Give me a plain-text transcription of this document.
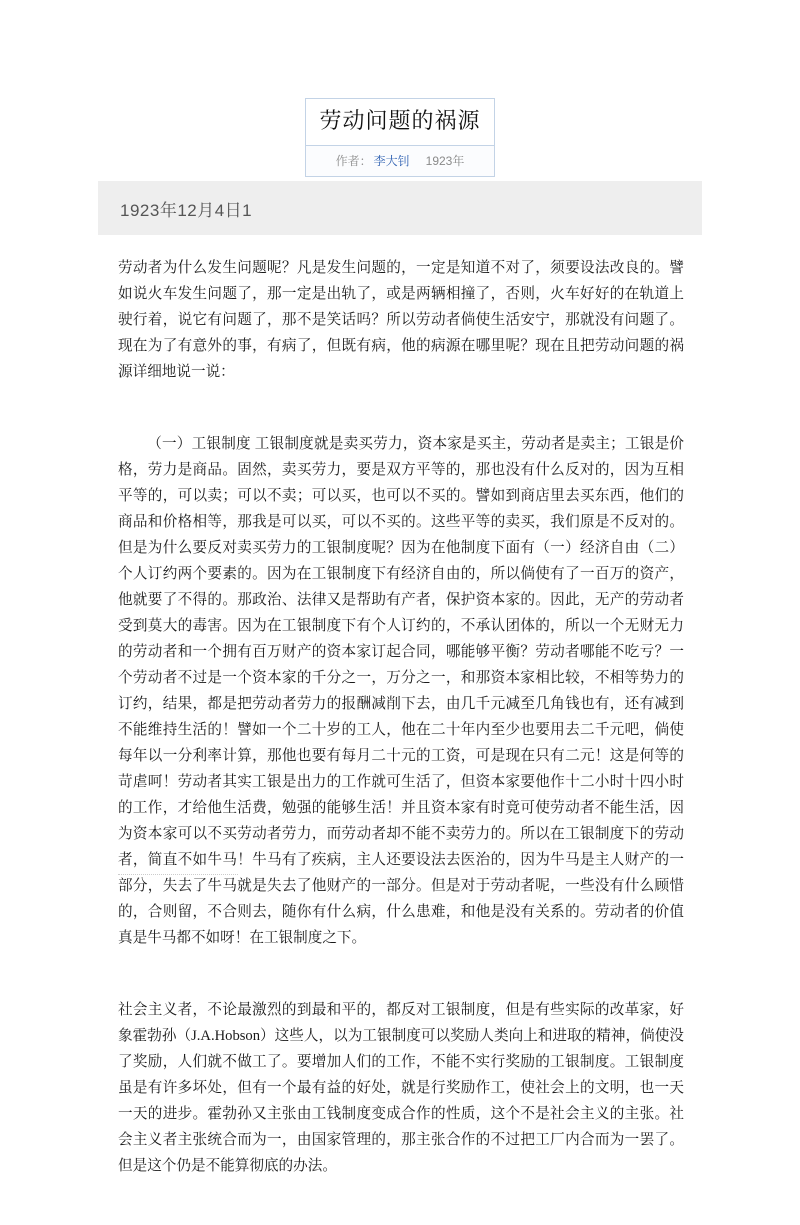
劳动问题的祸源
作者： 李大钊 1923年
1923年12月4日1

劳动者为什么发生问题呢？凡是发生问题的，一定是知道不对了，须要设法改良的。譬如说火车发生问题了，那一定是出轨了，或是两辆相撞了，否则，火车好好的在轨道上驶行着，说它有问题了，那不是笑话吗？所以劳动者倘使生活安宁，那就没有问题了。现在为了有意外的事，有病了，但既有病，他的病源在哪里呢？现在且把劳动问题的祸源详细地说一说：

（一）工银制度 工银制度就是卖买劳力，资本家是买主，劳动者是卖主；工银是价格，劳力是商品。固然，卖买劳力，要是双方平等的，那也没有什么反对的，因为互相平等的，可以卖；可以不卖；可以买，也可以不买的。譬如到商店里去买东西，他们的商品和价格相等，那我是可以买，可以不买的。这些平等的卖买，我们原是不反对的。但是为什么要反对卖买劳力的工银制度呢？因为在他制度下面有（一）经济自由（二）个人订约两个要素的。因为在工银制度下有经济自由的，所以倘使有了一百万的资产，他就要了不得的。那政治、法律又是帮助有产者，保护资本家的。因此，无产的劳动者受到莫大的毒害。因为在工银制度下有个人订约的，不承认团体的，所以一个无财无力的劳动者和一个拥有百万财产的资本家订起合同，哪能够平衡？劳动者哪能不吃亏？一个劳动者不过是一个资本家的千分之一，万分之一，和那资本家相比较，不相等势力的订约，结果，都是把劳动者劳力的报酬减削下去，由几千元减至几角钱也有，还有减到不能维持生活的！譬如一个二十岁的工人，他在二十年内至少也要用去二千元吧，倘使每年以一分利率计算，那他也要有每月二十元的工资，可是现在只有二元！这是何等的苛虐呵！劳动者其实工银是出力的工作就可生活了，但资本家要他作十二小时十四小时的工作，才给他生活费，勉强的能够生活！并且资本家有时竟可使劳动者不能生活，因为资本家可以不买劳动者劳力，而劳动者却不能不卖劳力的。所以在工银制度下的劳动者，简直不如牛马！牛马有了疾病，主人还要设法去医治的，因为牛马是主人财产的一部分，失去了牛马就是失去了他财产的一部分。但是对于劳动者呢，一些没有什么顾惜的，合则留，不合则去，随你有什么病，什么患难，和他是没有关系的。劳动者的价值真是牛马都不如呀！在工银制度之下。

社会主义者，不论最激烈的到最和平的，都反对工银制度，但是有些实际的改革家，好象霍勃孙（J.A.Hobson）这些人，以为工银制度可以奖励人类向上和进取的精神，倘使没了奖励，人们就不做工了。要增加人们的工作，不能不实行奖励的工银制度。工银制度虽是有许多坏处，但有一个最有益的好处，就是行奖励作工，使社会上的文明，也一天一天的进步。霍勃孙又主张由工钱制度变成合作的性质，这个不是社会主义的主张。社会主义者主张统合而为一，由国家管理的，那主张合作的不过把工厂内合而为一罢了。但是这个仍是不能算彻底的办法。
